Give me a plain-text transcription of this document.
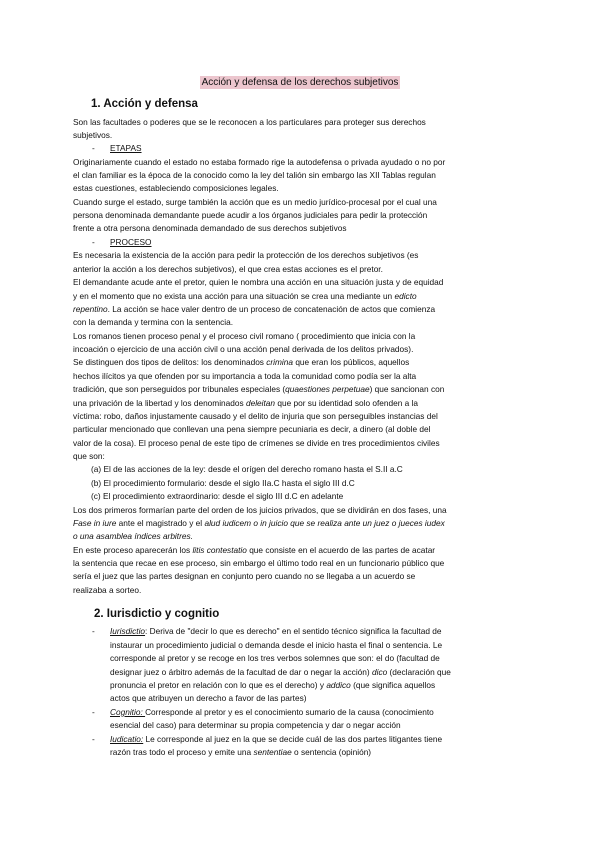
Acción y defensa de los derechos subjetivos
1. Acción y defensa
Son las facultades o poderes que se le reconocen a los particulares para proteger sus derechos
subjetivos.
- ETAPAS
Originariamente cuando el estado no estaba formado rige la autodefensa o privada ayudado o no por
el clan familiar es la época de la conocido como la ley del talión sin embargo las XII Tablas regulan
estas cuestiones, estableciendo composiciones legales.
Cuando surge el estado, surge también la acción que es un medio jurídico-procesal por el cual una
persona denominada demandante puede acudir a los órganos judiciales para pedir la protección
frente a otra persona denominada demandado de sus derechos subjetivos
- PROCESO
Es necesaria la existencia de la acción para pedir la protección de los derechos subjetivos (es
anterior la acción a los derechos subjetivos), el que crea estas acciones es el pretor.
El demandante acude ante el pretor, quien le nombra una acción en una situación justa y de equidad
y en el momento que no exista una acción para una situación se crea una mediante un edicto
repentino. La acción se hace valer dentro de un proceso de concatenación de actos que comienza
con la demanda y termina con la sentencia.
Los romanos tienen proceso penal y el proceso civil romano ( procedimiento que inicia con la
incoación o ejercicio de una acción civil o una acción penal derivada de los delitos privados).
Se distinguen dos tipos de delitos: los denominados crimina que eran los públicos, aquellos
hechos ilícitos ya que ofenden por su importancia a toda la comunidad como podía ser la alta
tradición, que son perseguidos por tribunales especiales (quaestiones perpetuae) que sancionan con
una privación de la libertad y los denominados deleitan que por su identidad solo ofenden a la
víctima: robo, daños injustamente causado y el delito de injuria que son perseguibles instancias del
particular mencionado que conllevan una pena siempre pecuniaria es decir, a dinero (al doble del
valor de la cosa). El proceso penal de este tipo de crímenes se divide en tres procedimientos civiles
que son:
(a) El de las acciones de la ley: desde el orígen del derecho romano hasta el S.II a.C
(b) El procedimiento formulario: desde el siglo IIa.C hasta el siglo III d.C
(c) El procedimiento extraordinario: desde el siglo III d.C en adelante
Los dos primeros formarían parte del orden de los juicios privados, que se dividirán en dos fases, una
Fase in iure ante el magistrado y el alud iudicem o in juicio que se realiza ante un juez o jueces iudex
o una asamblea índices arbitres.
En este proceso aparecerán los litis contestatio que consiste en el acuerdo de las partes de acatar
la sentencia que recae en ese proceso, sin embargo el último todo real en un funcionario público que
sería el juez que las partes designan en conjunto pero cuando no se llegaba a un acuerdo se
realizaba a sorteo.
2. Iurisdictio y cognitio
- Iurisdictio: Deriva de "decir lo que es derecho" en el sentido técnico significa la facultad de
instaurar un procedimiento judicial o demanda desde el inicio hasta el final o sentencia. Le
corresponde al pretor y se recoge en los tres verbos solemnes que son: el do (facultad de
designar juez o árbitro además de la facultad de dar o negar la acción) dico (declaración que
pronuncia el pretor en relación con lo que es el derecho) y addico (que significa aquellos
actos que atribuyen un derecho a favor de las partes)
- Cognitio: Corresponde al pretor y es el conocimiento sumario de la causa (conocimiento
esencial del caso) para determinar su propia competencia y dar o negar acción
- Iudicatio: Le corresponde al juez en la que se decide cuál de las dos partes litigantes tiene
razón tras todo el proceso y emite una sententiae o sentencia (opinión)
